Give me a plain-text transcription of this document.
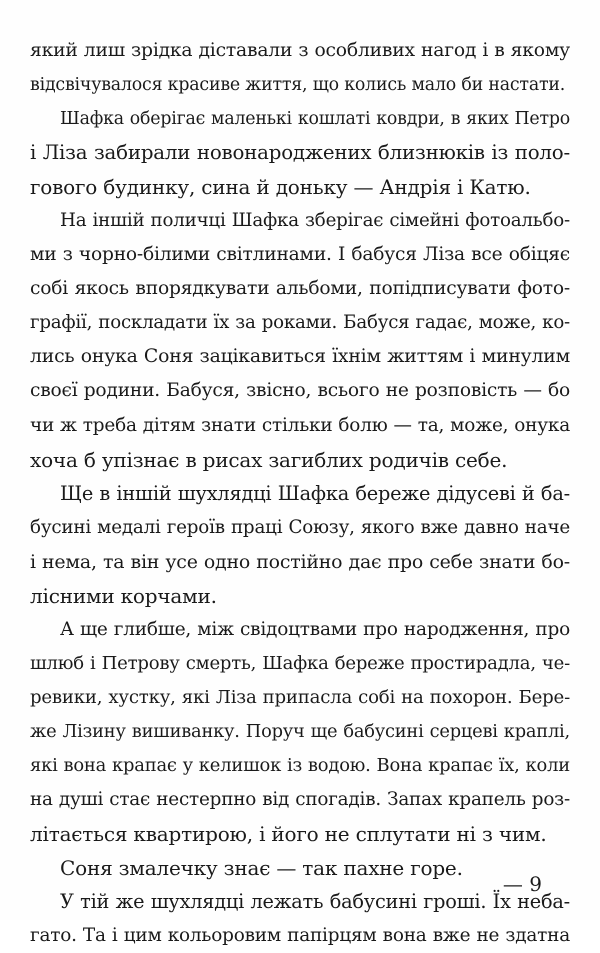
який лиш зрідка діставали з особливих нагод і в якому
відсвічувалося красиве життя, що колись мало би настати.
Шафка оберігає маленькі кошлаті ковдри, в яких Петро
і Ліза забирали новонароджених близнюків із поло-
гового будинку, сина й доньку — Андрія і Катю.
На іншій поличці Шафка зберігає сімейні фотоальбо-
ми з чорно-білими світлинами. І бабуся Ліза все обіцяє
собі якось впорядкувати альбоми, попідписувати фото-
графії, поскладати їх за роками. Бабуся гадає, може, ко-
лись онука Соня зацікавиться їхнім життям і минулим
своєї родини. Бабуся, звісно, всього не розповість — бо
чи ж треба дітям знати стільки болю — та, може, онука
хоча б упізнає в рисах загиблих родичів себе.
Ще в іншій шухлядці Шафка береже дідусеві й ба-
бусині медалі героїв праці Союзу, якого вже давно наче
і нема, та він усе одно постійно дає про себе знати бо-
лісними корчами.
А ще глибше, між свідоцтвами про народження, про
шлюб і Петрову смерть, Шафка береже простирадла, че-
ревики, хустку, які Ліза припасла собі на похорон. Бере-
же Лізину вишиванку. Поруч ще бабусині серцеві краплі,
які вона крапає у келишок із водою. Вона крапає їх, коли
на душі стає нестерпно від спогадів. Запах крапель роз-
літається квартирою, і його не сплутати ні з чим.
Соня змалечку знає — так пахне горе.
У тій же шухлядці лежать бабусині гроші. Їх неба-
гато. Та і цим кольоровим папірцям вона вже не здатна
— 9
